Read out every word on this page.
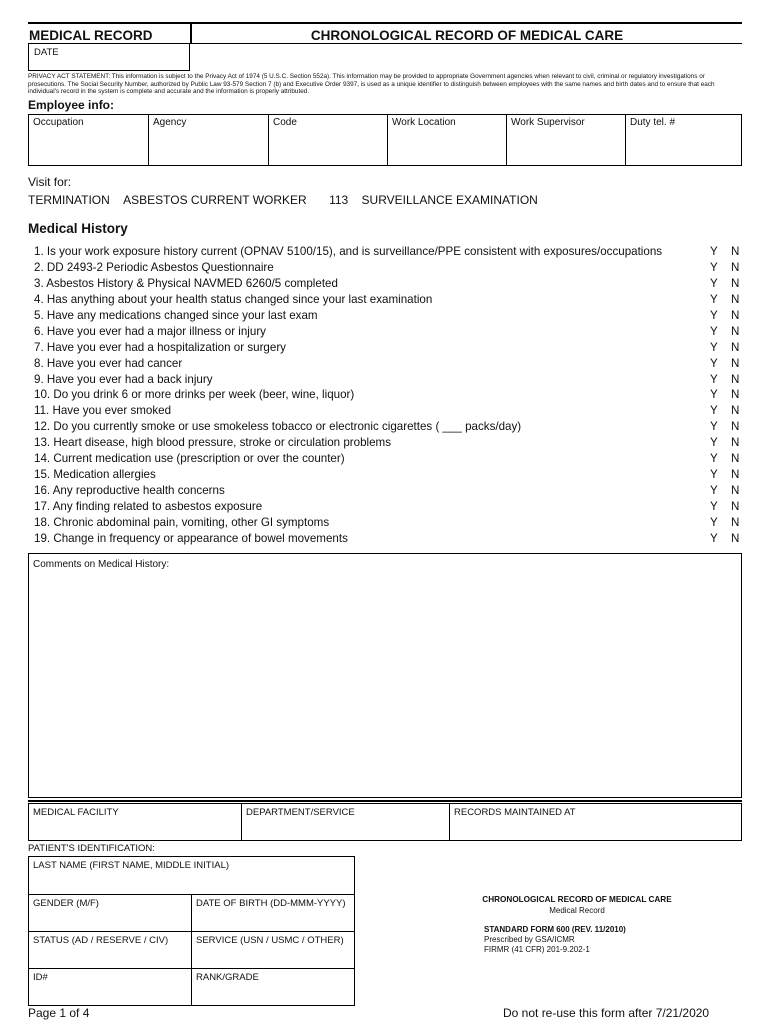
MEDICAL RECORD	CHRONOLOGICAL RECORD OF MEDICAL CARE
DATE
PRIVACY ACT STATEMENT: This information is subject to the Privacy Act of 1974 (5 U.S.C. Section 552a). This information may be provided to appropriate Government agencies when relevant to civil, criminal or regulatory investigations or prosecutions. The Social Security Number, authorized by Public Law 93-579 Section 7 (b) and Executive Order 9397, is used as a unique identifier to distinguish between employees with the same names and birth dates and to ensure that each individual's record in the system is complete and accurate and the information is properly attributed.
Employee info:
Occupation	Agency	Code	Work Location	Work Supervisor	Duty tel. #
Visit for:
TERMINATION ASBESTOS CURRENT WORKER 113 SURVEILLANCE EXAMINATION
Medical History
1. Is your work exposure history current (OPNAV 5100/15), and is surveillance/PPE consistent with exposures/occupations	Y N
2. DD 2493-2 Periodic Asbestos Questionnaire	Y N
3. Asbestos History & Physical NAVMED 6260/5 completed	Y N
4. Has anything about your health status changed since your last examination	Y N
5. Have any medications changed since your last exam	Y N
6. Have you ever had a major illness or injury	Y N
7. Have you ever had a hospitalization or surgery	Y N
8. Have you ever had cancer	Y N
9. Have you ever had a back injury	Y N
10. Do you drink 6 or more drinks per week (beer, wine, liquor)	Y N
11. Have you ever smoked	Y N
12. Do you currently smoke or use smokeless tobacco or electronic cigarettes ( ___ packs/day)	Y N
13. Heart disease, high blood pressure, stroke or circulation problems	Y N
14. Current medication use (prescription or over the counter)	Y N
15. Medication allergies	Y N
16. Any reproductive health concerns	Y N
17. Any finding related to asbestos exposure	Y N
18. Chronic abdominal pain, vomiting, other GI symptoms	Y N
19. Change in frequency or appearance of bowel movements	Y N
Comments on Medical History:
MEDICAL FACILITY	DEPARTMENT/SERVICE	RECORDS MAINTAINED AT
PATIENT'S IDENTIFICATION:
LAST NAME (FIRST NAME, MIDDLE INITIAL)
GENDER (M/F)	DATE OF BIRTH (DD-MMM-YYYY)
STATUS (AD / RESERVE / CIV)	SERVICE (USN / USMC / OTHER)
ID#	RANK/GRADE
CHRONOLOGICAL RECORD OF MEDICAL CARE
Medical Record
STANDARD FORM 600 (REV. 11/2010)
Prescribed by GSA/ICMR
FIRMR (41 CFR) 201-9.202-1
Page 1 of 4	Do not re-use this form after 7/21/2020
